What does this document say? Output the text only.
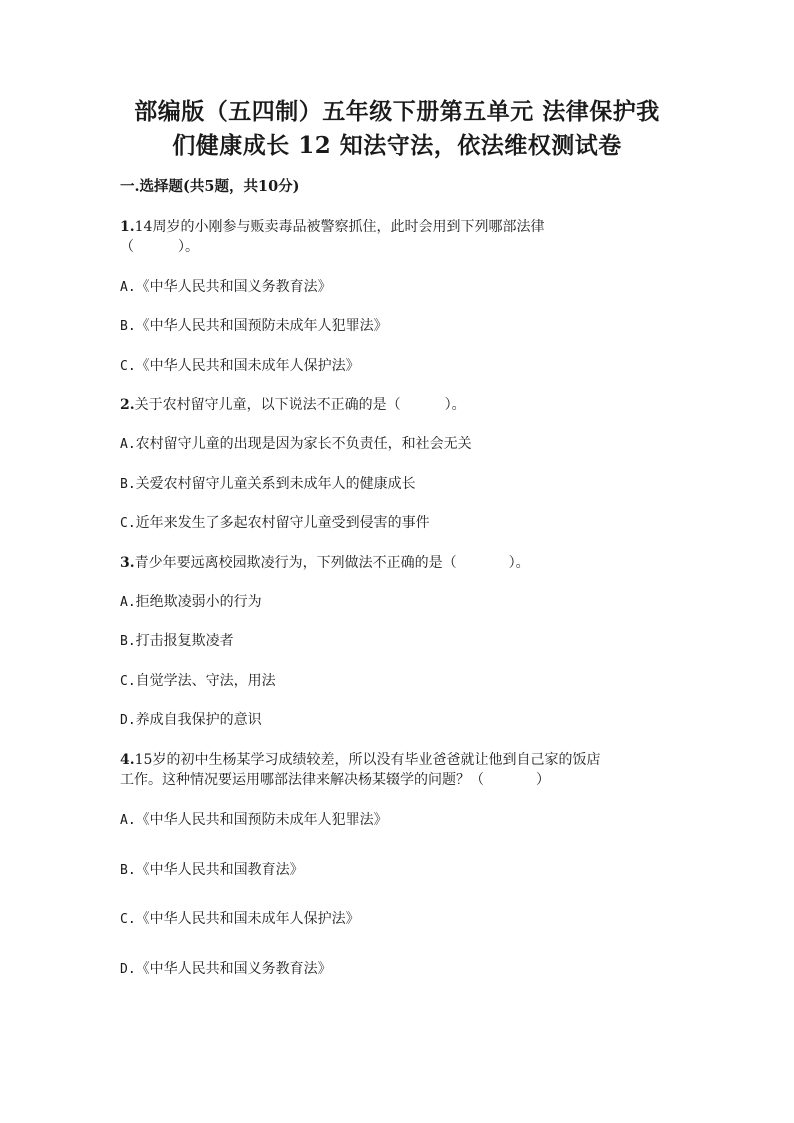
部编版（五四制）五年级下册第五单元 法律保护我
们健康成长 12 知法守法，依法维权测试卷
一.选择题(共5题，共10分)
1.14周岁的小刚参与贩卖毒品被警察抓住，此时会用到下列哪部法律
（	）。
A.《中华人民共和国义务教育法》
B.《中华人民共和国预防未成年人犯罪法》
C.《中华人民共和国未成年人保护法》
2.关于农村留守儿童，以下说法不正确的是（	）。
A.农村留守儿童的出现是因为家长不负责任，和社会无关
B.关爱农村留守儿童关系到未成年人的健康成长
C.近年来发生了多起农村留守儿童受到侵害的事件
3.青少年要远离校园欺凌行为，下列做法不正确的是（	）。
A.拒绝欺凌弱小的行为
B.打击报复欺凌者
C.自觉学法、守法，用法
D.养成自我保护的意识
4.15岁的初中生杨某学习成绩较差，所以没有毕业爸爸就让他到自己家的饭店
工作。这种情况要运用哪部法律来解决杨某辍学的问题？（	）
A.《中华人民共和国预防未成年人犯罪法》
B.《中华人民共和国教育法》
C.《中华人民共和国未成年人保护法》
D.《中华人民共和国义务教育法》
